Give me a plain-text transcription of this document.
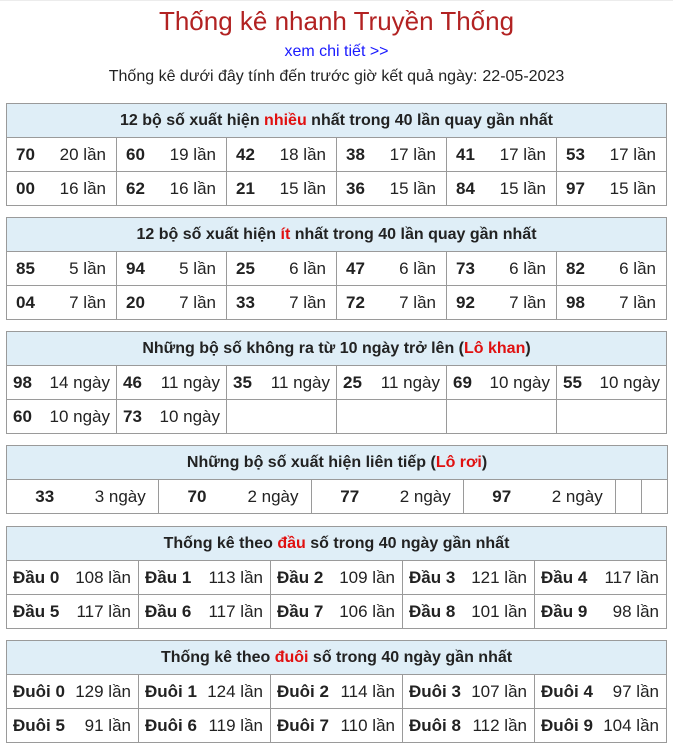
Thống kê nhanh Truyền Thống
xem chi tiết >>
Thống kê dưới đây tính đến trước giờ kết quả ngày: 22-05-2023
12 bộ số xuất hiện nhiều nhất trong 40 lần quay gần nhất					

70 20 lần	60 19 lần	42 18 lần	38 17 lần	41 17 lần	53 17 lần

00 16 lần	62 16 lần	21 15 lần	36 15 lần	84 15 lần	97 15 lần
12 bộ số xuất hiện ít nhất trong 40 lần quay gần nhất					

85 5 lần	94 5 lần	25 6 lần	47 6 lần	73 6 lần	82 6 lần

04 7 lần	20 7 lần	33 7 lần	72 7 lần	92 7 lần	98 7 lần
Những bộ số không ra từ 10 ngày trở lên (Lô khan)					

98 14 ngày	46 11 ngày	35 11 ngày	25 11 ngày	69 10 ngày	55 10 ngày

60 10 ngày	73 10 ngày				

Những bộ số xuất hiện liên tiếp (Lô rơi)

33	3 ngày	70	2 ngày	77	2 ngày	97	2 ngày

Thống kê theo đầu số trong 40 ngày gần nhất				

Đầu 0 108 lần	Đầu 1 113 lần	Đầu 2 109 lần	Đầu 3 121 lần	Đầu 4 117 lần

Đầu 5 117 lần	Đầu 6 117 lần	Đầu 7 106 lần	Đầu 8 101 lần	Đầu 9 98 lần
Thống kê theo đuôi số trong 40 ngày gần nhất				

Đuôi 0 129 lần	Đuôi 1 124 lần	Đuôi 2 114 lần	Đuôi 3 107 lần	Đuôi 4 97 lần

Đuôi 5 91 lần	Đuôi 6 119 lần	Đuôi 7 110 lần	Đuôi 8 112 lần	Đuôi 9 104 lần
